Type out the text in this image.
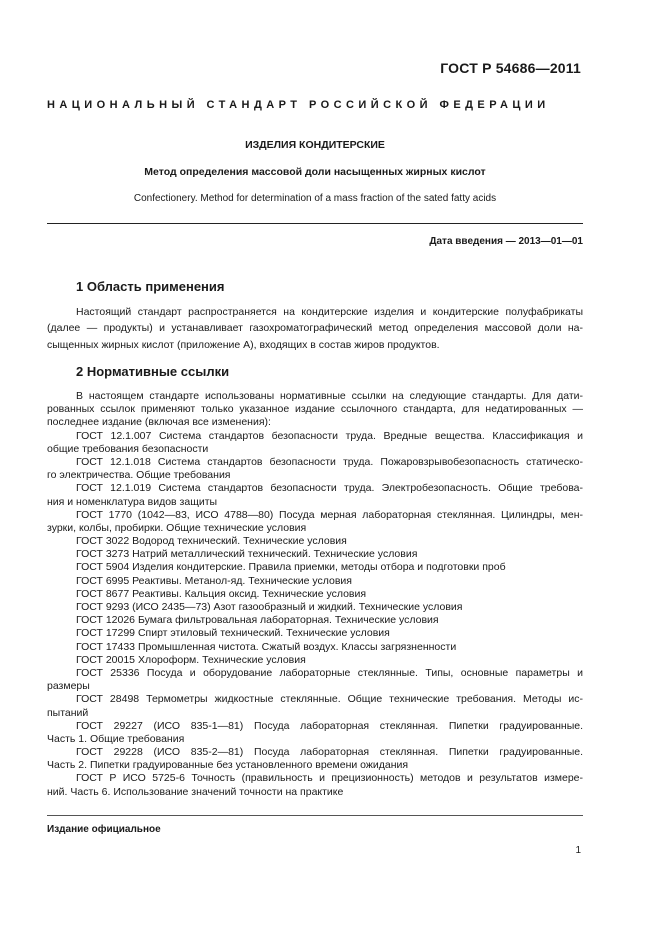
ГОСТ Р 54686—2011
НАЦИОНАЛЬНЫЙ СТАНДАРТ РОССИЙСКОЙ ФЕДЕРАЦИИ
ИЗДЕЛИЯ КОНДИТЕРСКИЕ
Метод определения массовой доли насыщенных жирных кислот
Confectionery. Method for determination of a mass fraction of the sated fatty acids
Дата введения — 2013—01—01
1 Область применения
Настоящий стандарт распространяется на кондитерские изделия и кондитерские полуфабрикаты
(далее — продукты) и устанавливает газохроматографический метод определения массовой доли на-
сыщенных жирных кислот (приложение А), входящих в состав жиров продуктов.
2 Нормативные ссылки
В настоящем стандарте использованы нормативные ссылки на следующие стандарты. Для дати-
рованных ссылок применяют только указанное издание ссылочного стандарта, для недатированных —
последнее издание (включая все изменения):
ГОСТ 12.1.007 Система стандартов безопасности труда. Вредные вещества. Классификация и
общие требования безопасности
ГОСТ 12.1.018 Система стандартов безопасности труда. Пожаровзрывобезопасность статическо-
го электричества. Общие требования
ГОСТ 12.1.019 Система стандартов безопасности труда. Электробезопасность. Общие требова-
ния и номенклатура видов защиты
ГОСТ 1770 (1042—83, ИСО 4788—80) Посуда мерная лабораторная стеклянная. Цилиндры, мен-
зурки, колбы, пробирки. Общие технические условия
ГОСТ 3022 Водород технический. Технические условия
ГОСТ 3273 Натрий металлический технический. Технические условия
ГОСТ 5904 Изделия кондитерские. Правила приемки, методы отбора и подготовки проб
ГОСТ 6995 Реактивы. Метанол-яд. Технические условия
ГОСТ 8677 Реактивы. Кальция оксид. Технические условия
ГОСТ 9293 (ИСО 2435—73) Азот газообразный и жидкий. Технические условия
ГОСТ 12026 Бумага фильтровальная лабораторная. Технические условия
ГОСТ 17299 Спирт этиловый технический. Технические условия
ГОСТ 17433 Промышленная чистота. Сжатый воздух. Классы загрязненности
ГОСТ 20015 Хлороформ. Технические условия
ГОСТ 25336 Посуда и оборудование лабораторные стеклянные. Типы, основные параметры и
размеры
ГОСТ 28498 Термометры жидкостные стеклянные. Общие технические требования. Методы ис-
пытаний
ГОСТ 29227 (ИСО 835-1—81) Посуда лабораторная стеклянная. Пипетки градуированные.
Часть 1. Общие требования
ГОСТ 29228 (ИСО 835-2—81) Посуда лабораторная стеклянная. Пипетки градуированные.
Часть 2. Пипетки градуированные без установленного времени ожидания
ГОСТ Р ИСО 5725-6 Точность (правильность и прецизионность) методов и результатов измере-
ний. Часть 6. Использование значений точности на практике
Издание официальное
1
